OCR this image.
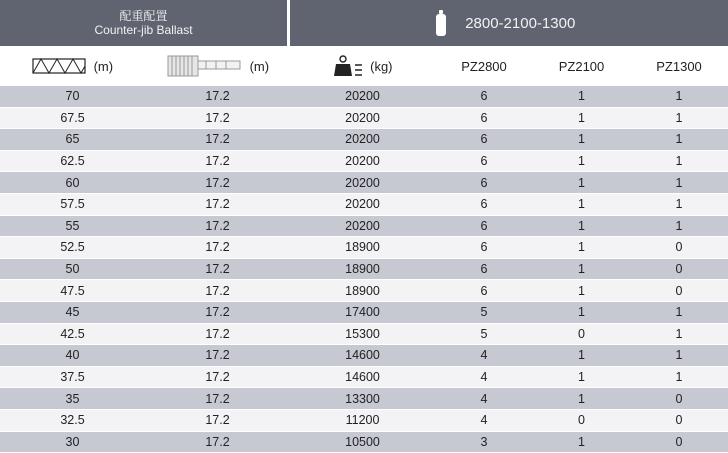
配重配置
Counter-jib Ballast		2800-2100-1300			
(m)	(m)	(kg)	PZ2800	PZ2100	PZ1300
70	17.2	20200	6	1	1
67.5	17.2	20200	6	1	1
65	17.2	20200	6	1	1
62.5	17.2	20200	6	1	1
60	17.2	20200	6	1	1
57.5	17.2	20200	6	1	1
55	17.2	20200	6	1	1
52.5	17.2	18900	6	1	0
50	17.2	18900	6	1	0
47.5	17.2	18900	6	1	0
45	17.2	17400	5	1	1
42.5	17.2	15300	5	0	1
40	17.2	14600	4	1	1
37.5	17.2	14600	4	1	1
35	17.2	13300	4	1	0
32.5	17.2	11200	4	0	0
30	17.2	10500	3	1	0
